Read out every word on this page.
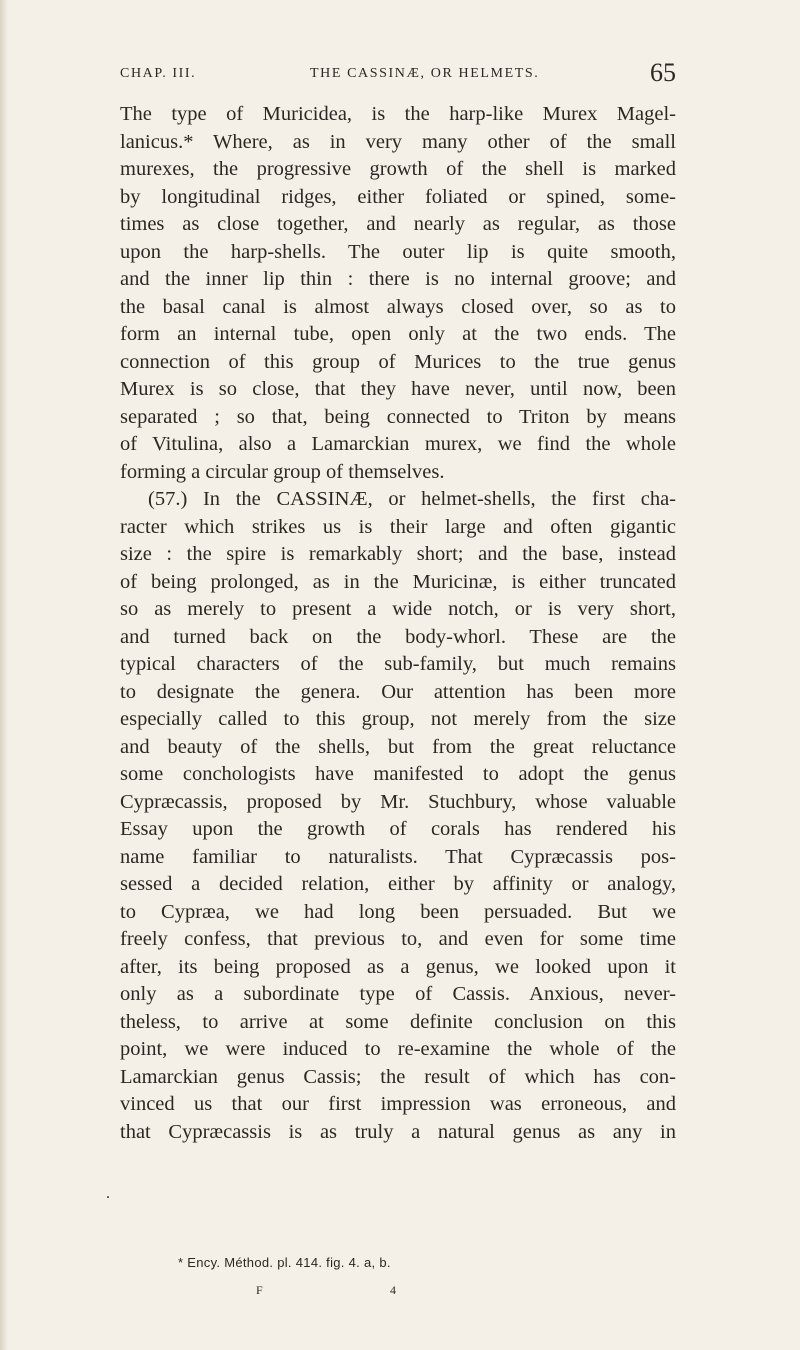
CHAP. III.	THE CASSINÆ, OR HELMETS.	65
The type of Muricidea, is the harp-like Murex Magel-
lanicus.* Where, as in very many other of the small
murexes, the progressive growth of the shell is marked
by longitudinal ridges, either foliated or spined, some-
times as close together, and nearly as regular, as those
upon the harp-shells. The outer lip is quite smooth,
and the inner lip thin : there is no internal groove; and
the basal canal is almost always closed over, so as to
form an internal tube, open only at the two ends. The
connection of this group of Murices to the true genus
Murex is so close, that they have never, until now, been
separated ; so that, being connected to Triton by means
of Vitulina, also a Lamarckian murex, we find the whole
forming a circular group of themselves.
(57.) In the CASSINÆ, or helmet-shells, the first cha-
racter which strikes us is their large and often gigantic
size : the spire is remarkably short; and the base, instead
of being prolonged, as in the Muricinæ, is either truncated
so as merely to present a wide notch, or is very short,
and turned back on the body-whorl. These are the
typical characters of the sub-family, but much remains
to designate the genera. Our attention has been more
especially called to this group, not merely from the size
and beauty of the shells, but from the great reluctance
some conchologists have manifested to adopt the genus
Cypræcassis, proposed by Mr. Stuchbury, whose valuable
Essay upon the growth of corals has rendered his
name familiar to naturalists. That Cypræcassis pos-
sessed a decided relation, either by affinity or analogy,
to Cypræa, we had long been persuaded. But we
freely confess, that previous to, and even for some time
after, its being proposed as a genus, we looked upon it
only as a subordinate type of Cassis. Anxious, never-
theless, to arrive at some definite conclusion on this
point, we were induced to re-examine the whole of the
Lamarckian genus Cassis; the result of which has con-
vinced us that our first impression was erroneous, and
that Cypræcassis is as truly a natural genus as any in
* Ency. Méthod. pl. 414. fig. 4. a, b.
F	4
.
